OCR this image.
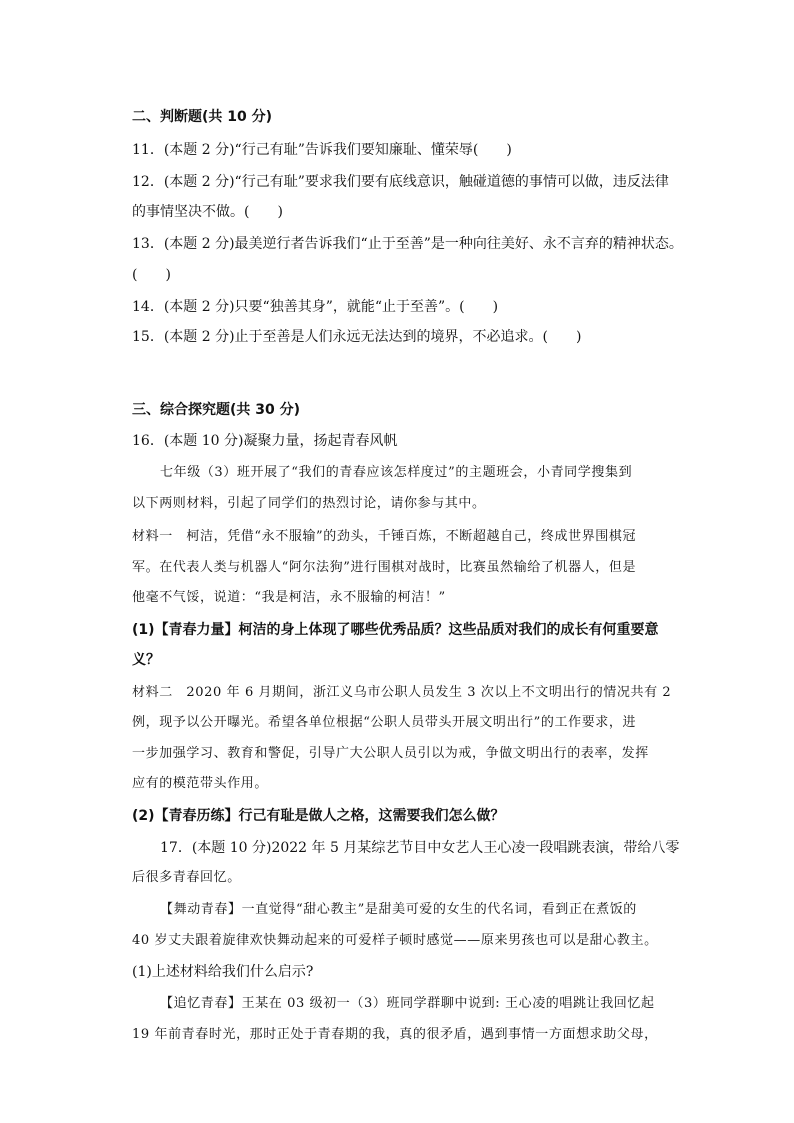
二、判断题(共 10 分)
11．(本题 2 分)“行己有耻”告诉我们要知廉耻、懂荣辱(　　)
12．(本题 2 分)“行己有耻”要求我们要有底线意识，触碰道德的事情可以做，违反法律
的事情坚决不做。(　　)
13．(本题 2 分)最美逆行者告诉我们“止于至善”是一种向往美好、永不言弃的精神状态。
(　　)
14．(本题 2 分)只要“独善其身”，就能“止于至善”。(　　)
15．(本题 2 分)止于至善是人们永远无法达到的境界，不必追求。(　　)
三、综合探究题(共 30 分)
16．(本题 10 分)凝聚力量，扬起青春风帆
七年级（3）班开展了“我们的青春应该怎样度过”的主题班会，小青同学搜集到
以下两则材料，引起了同学们的热烈讨论，请你参与其中。
材料一　柯洁，凭借“永不服输”的劲头，千锤百炼，不断超越自己，终成世界围棋冠
军。在代表人类与机器人“阿尔法狗”进行围棋对战时，比赛虽然输给了机器人，但是
他毫不气馁，说道：“我是柯洁，永不服输的柯洁！”
(1)【青春力量】柯洁的身上体现了哪些优秀品质？这些品质对我们的成长有何重要意
义？
材料二　2020 年 6 月期间，浙江义乌市公职人员发生 3 次以上不文明出行的情况共有 2
例，现予以公开曝光。希望各单位根据“公职人员带头开展文明出行”的工作要求，进
一步加强学习、教育和警促，引导广大公职人员引以为戒，争做文明出行的表率，发挥
应有的模范带头作用。
(2)【青春历练】行己有耻是做人之格，这需要我们怎么做？
17．(本题 10 分)2022 年 5 月某综艺节目中女艺人王心凌一段唱跳表演，带给八零
后很多青春回忆。
【舞动青春】一直觉得“甜心教主”是甜美可爱的女生的代名词，看到正在煮饭的
40 岁丈夫跟着旋律欢快舞动起来的可爱样子顿时感觉——原来男孩也可以是甜心教主。
(1)上述材料给我们什么启示?
【追忆青春】王某在 03 级初一（3）班同学群聊中说到: 王心凌的唱跳让我回忆起
19 年前青春时光，那时正处于青春期的我，真的很矛盾，遇到事情一方面想求助父母，
